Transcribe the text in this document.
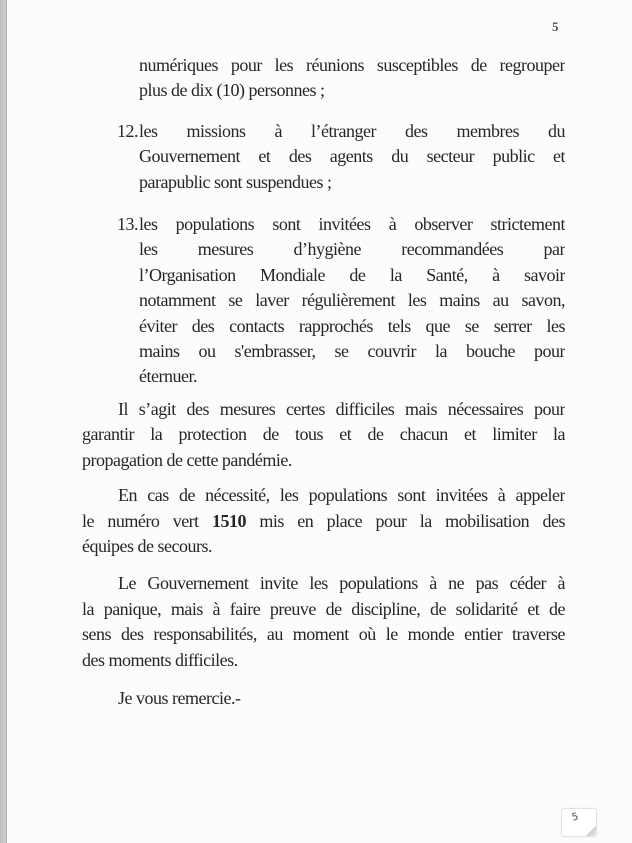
5
numériques pour les réunions susceptibles de regrouper
plus de dix (10) personnes ;
12. les missions à l’étranger des membres du
Gouvernement et des agents du secteur public et
parapublic sont suspendues ;
13. les populations sont invitées à observer strictement
les mesures d’hygiène recommandées par
l’Organisation Mondiale de la Santé, à savoir
notamment se laver régulièrement les mains au savon,
éviter des contacts rapprochés tels que se serrer les
mains ou s'embrasser, se couvrir la bouche pour
éternuer.
Il s’agit des mesures certes difficiles mais nécessaires pour
garantir la protection de tous et de chacun et limiter la
propagation de cette pandémie.
En cas de nécessité, les populations sont invitées à appeler
le numéro vert 1510 mis en place pour la mobilisation des
équipes de secours.
Le Gouvernement invite les populations à ne pas céder à
la panique, mais à faire preuve de discipline, de solidarité et de
sens des responsabilités, au moment où le monde entier traverse
des moments difficiles.
Je vous remercie.-
5
